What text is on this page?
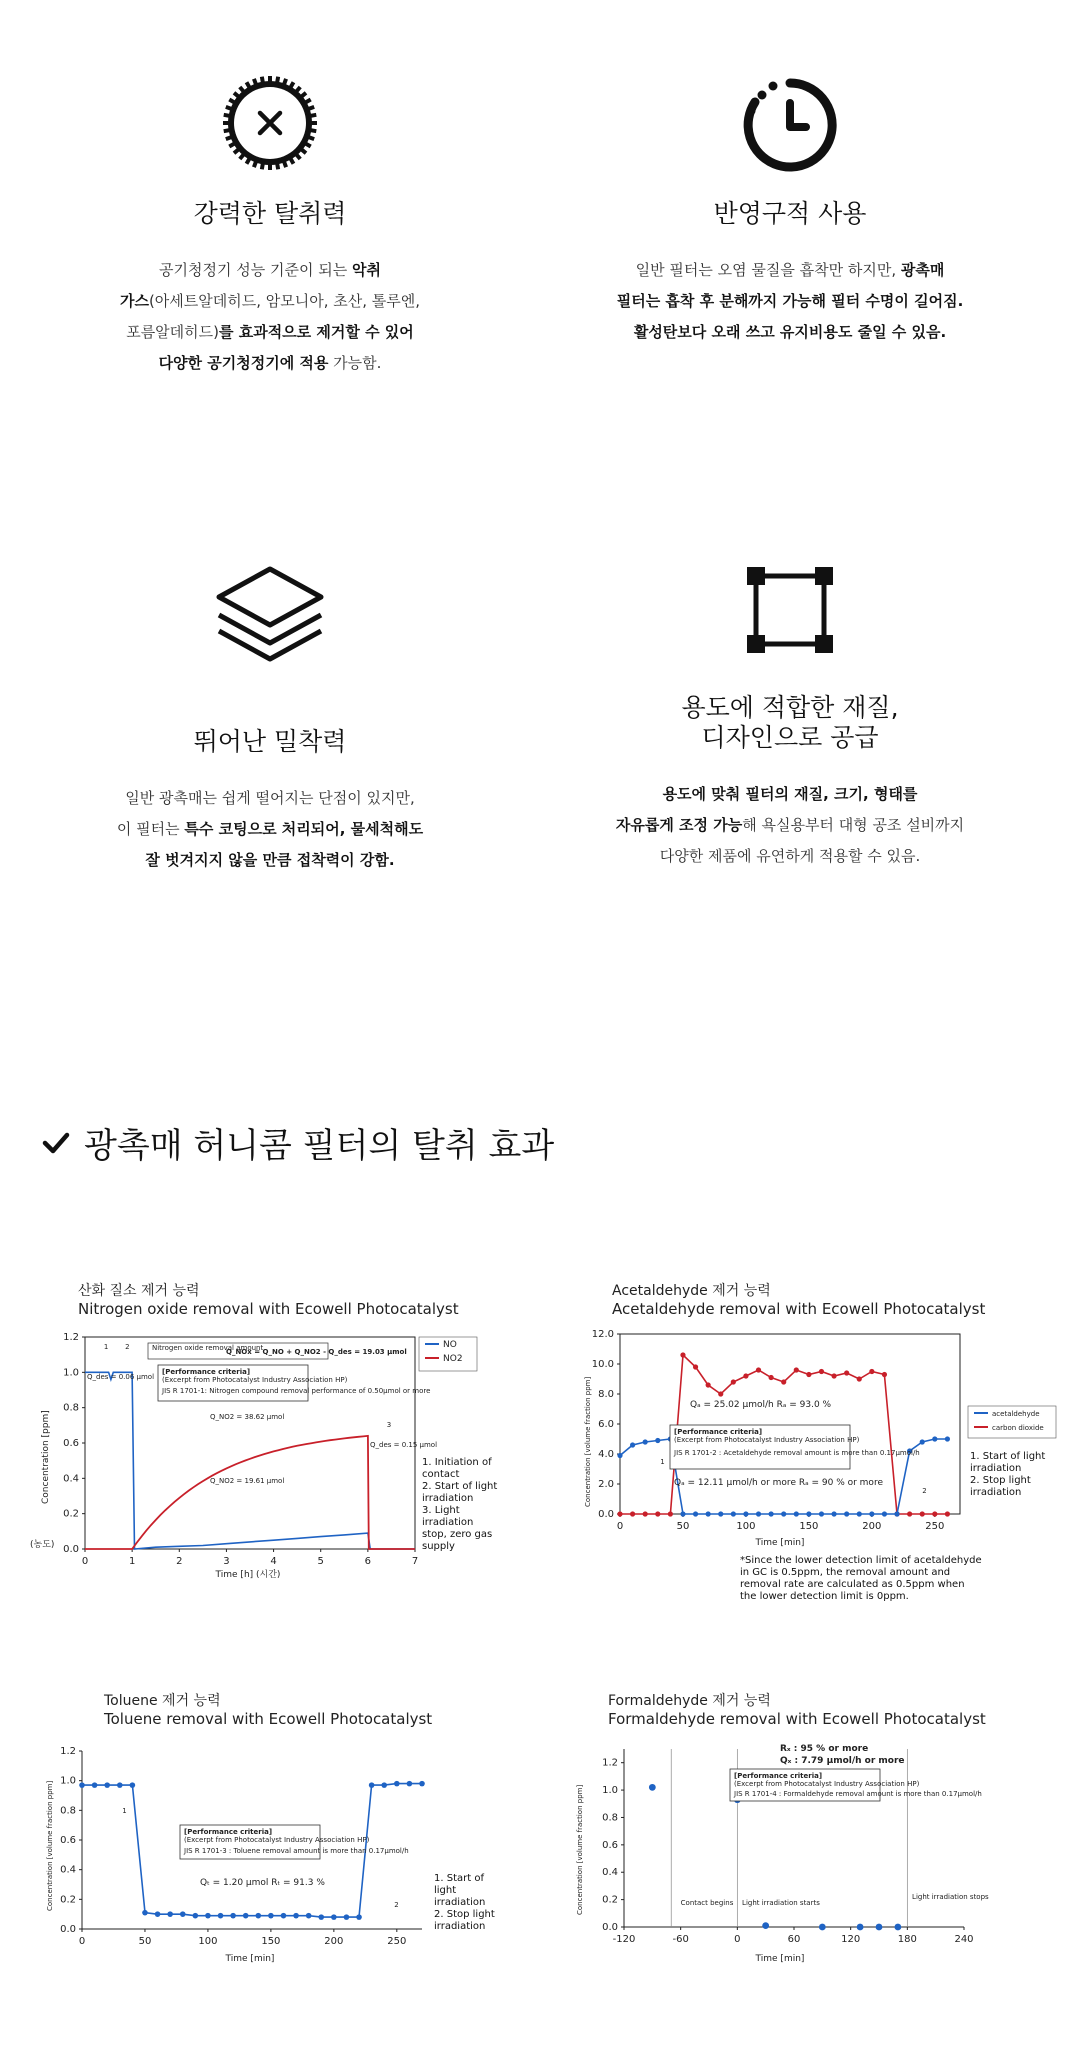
강력한 탈취력
공기청정기 성능 기준이 되는 악취
가스(아세트알데히드, 암모니아, 초산, 톨루엔,
포름알데히드)를 효과적으로 제거할 수 있어
다양한 공기청정기에 적용 가능함.
반영구적 사용
일반 필터는 오염 물질을 흡착만 하지만, 광촉매
필터는 흡착 후 분해까지 가능해 필터 수명이 길어짐.
활성탄보다 오래 쓰고 유지비용도 줄일 수 있음.
뛰어난 밀착력
일반 광촉매는 쉽게 떨어지는 단점이 있지만,
이 필터는 특수 코팅으로 처리되어, 물세척해도
잘 벗겨지지 않을 만큼 접착력이 강함.
용도에 적합한 재질,
디자인으로 공급
용도에 맞춰 필터의 재질, 크기, 형태를
자유롭게 조정 가능해 욕실용부터 대형 공조 설비까지
다양한 제품에 유연하게 적용할 수 있음.
광촉매 허니콤 필터의 탈취 효과
산화 질소 제거 능력
Nitrogen oxide removal with Ecowell Photocatalyst
0.0
0.2
0.4
0.6
0.8
1.0
1.2
0	1	2	3	4	5	6	7
NO
NO2
Nitrogen oxide removal amount
Q_NOx = Q_NO + Q_NO2 - Q_des = 19.03 µmol
[Performance criteria]
(Excerpt from Photocatalyst Industry Association HP)
JIS R 1701-1: Nitrogen compound removal performance of 0.50µmol or more
Q_NO2 = 38.62 µmol
Q_NO2 = 19.61 µmol
Q_des = 0.06 µmol
Q_des = 0.15 µmol
1 2
3
Concentration [ppm]
(농도)
Time [h] (시간)
1. Initiation of
contact
2. Start of light
irradiation
3. Light
irradiation
stop, zero gas
supply
Acetaldehyde 제거 능력
Acetaldehyde removal with Ecowell Photocatalyst
0.0
2.0
4.0
6.0
8.0
10.0
12.0
0	50	100	150	200	250
acetaldehyde
carbon dioxide
Qₐ = 25.02 µmol/h Rₐ = 93.0 %
[Performance criteria]
(Excerpt from Photocatalyst Industry Association HP)
JIS R 1701-2 : Acetaldehyde removal amount is more than 0.17µmol/h
Qₐ = 12.11 µmol/h or more Rₐ = 90 % or more
1
2
Concentration [volume fraction ppm]
Time [min]
1. Start of light
irradiation
2. Stop light
irradiation
*Since the lower detection limit of acetaldehyde
in GC is 0.5ppm, the removal amount and
removal rate are calculated as 0.5ppm when
the lower detection limit is 0ppm.
Toluene 제거 능력
Toluene removal with Ecowell Photocatalyst
0.0
0.2
0.4
0.6
0.8
1.0
1.2
0	50	100	150	200	250
[Performance criteria]
(Excerpt from Photocatalyst Industry Association HP)
JIS R 1701-3 : Toluene removal amount is more than 0.17µmol/h
Qₜ = 1.20 µmol Rₜ = 91.3 %
1
2
Concentration [volume fraction ppm]
Time [min]
1. Start of
light
irradiation
2. Stop light
irradiation
Formaldehyde 제거 능력
Formaldehyde removal with Ecowell Photocatalyst
0.0
0.2
0.4
0.6
0.8
1.0
1.2
-120	-60	0	60	120	180	240
Rₓ : 95 % or more
Qₓ : 7.79 µmol/h or more
[Performance criteria]
(Excerpt from Photocatalyst Industry Association HP)
JIS R 1701-4 : Formaldehyde removal amount is more than 0.17µmol/h
Contact begins Light irradiation starts
Light irradiation stops
Concentration [volume fraction ppm]
Time [min]
